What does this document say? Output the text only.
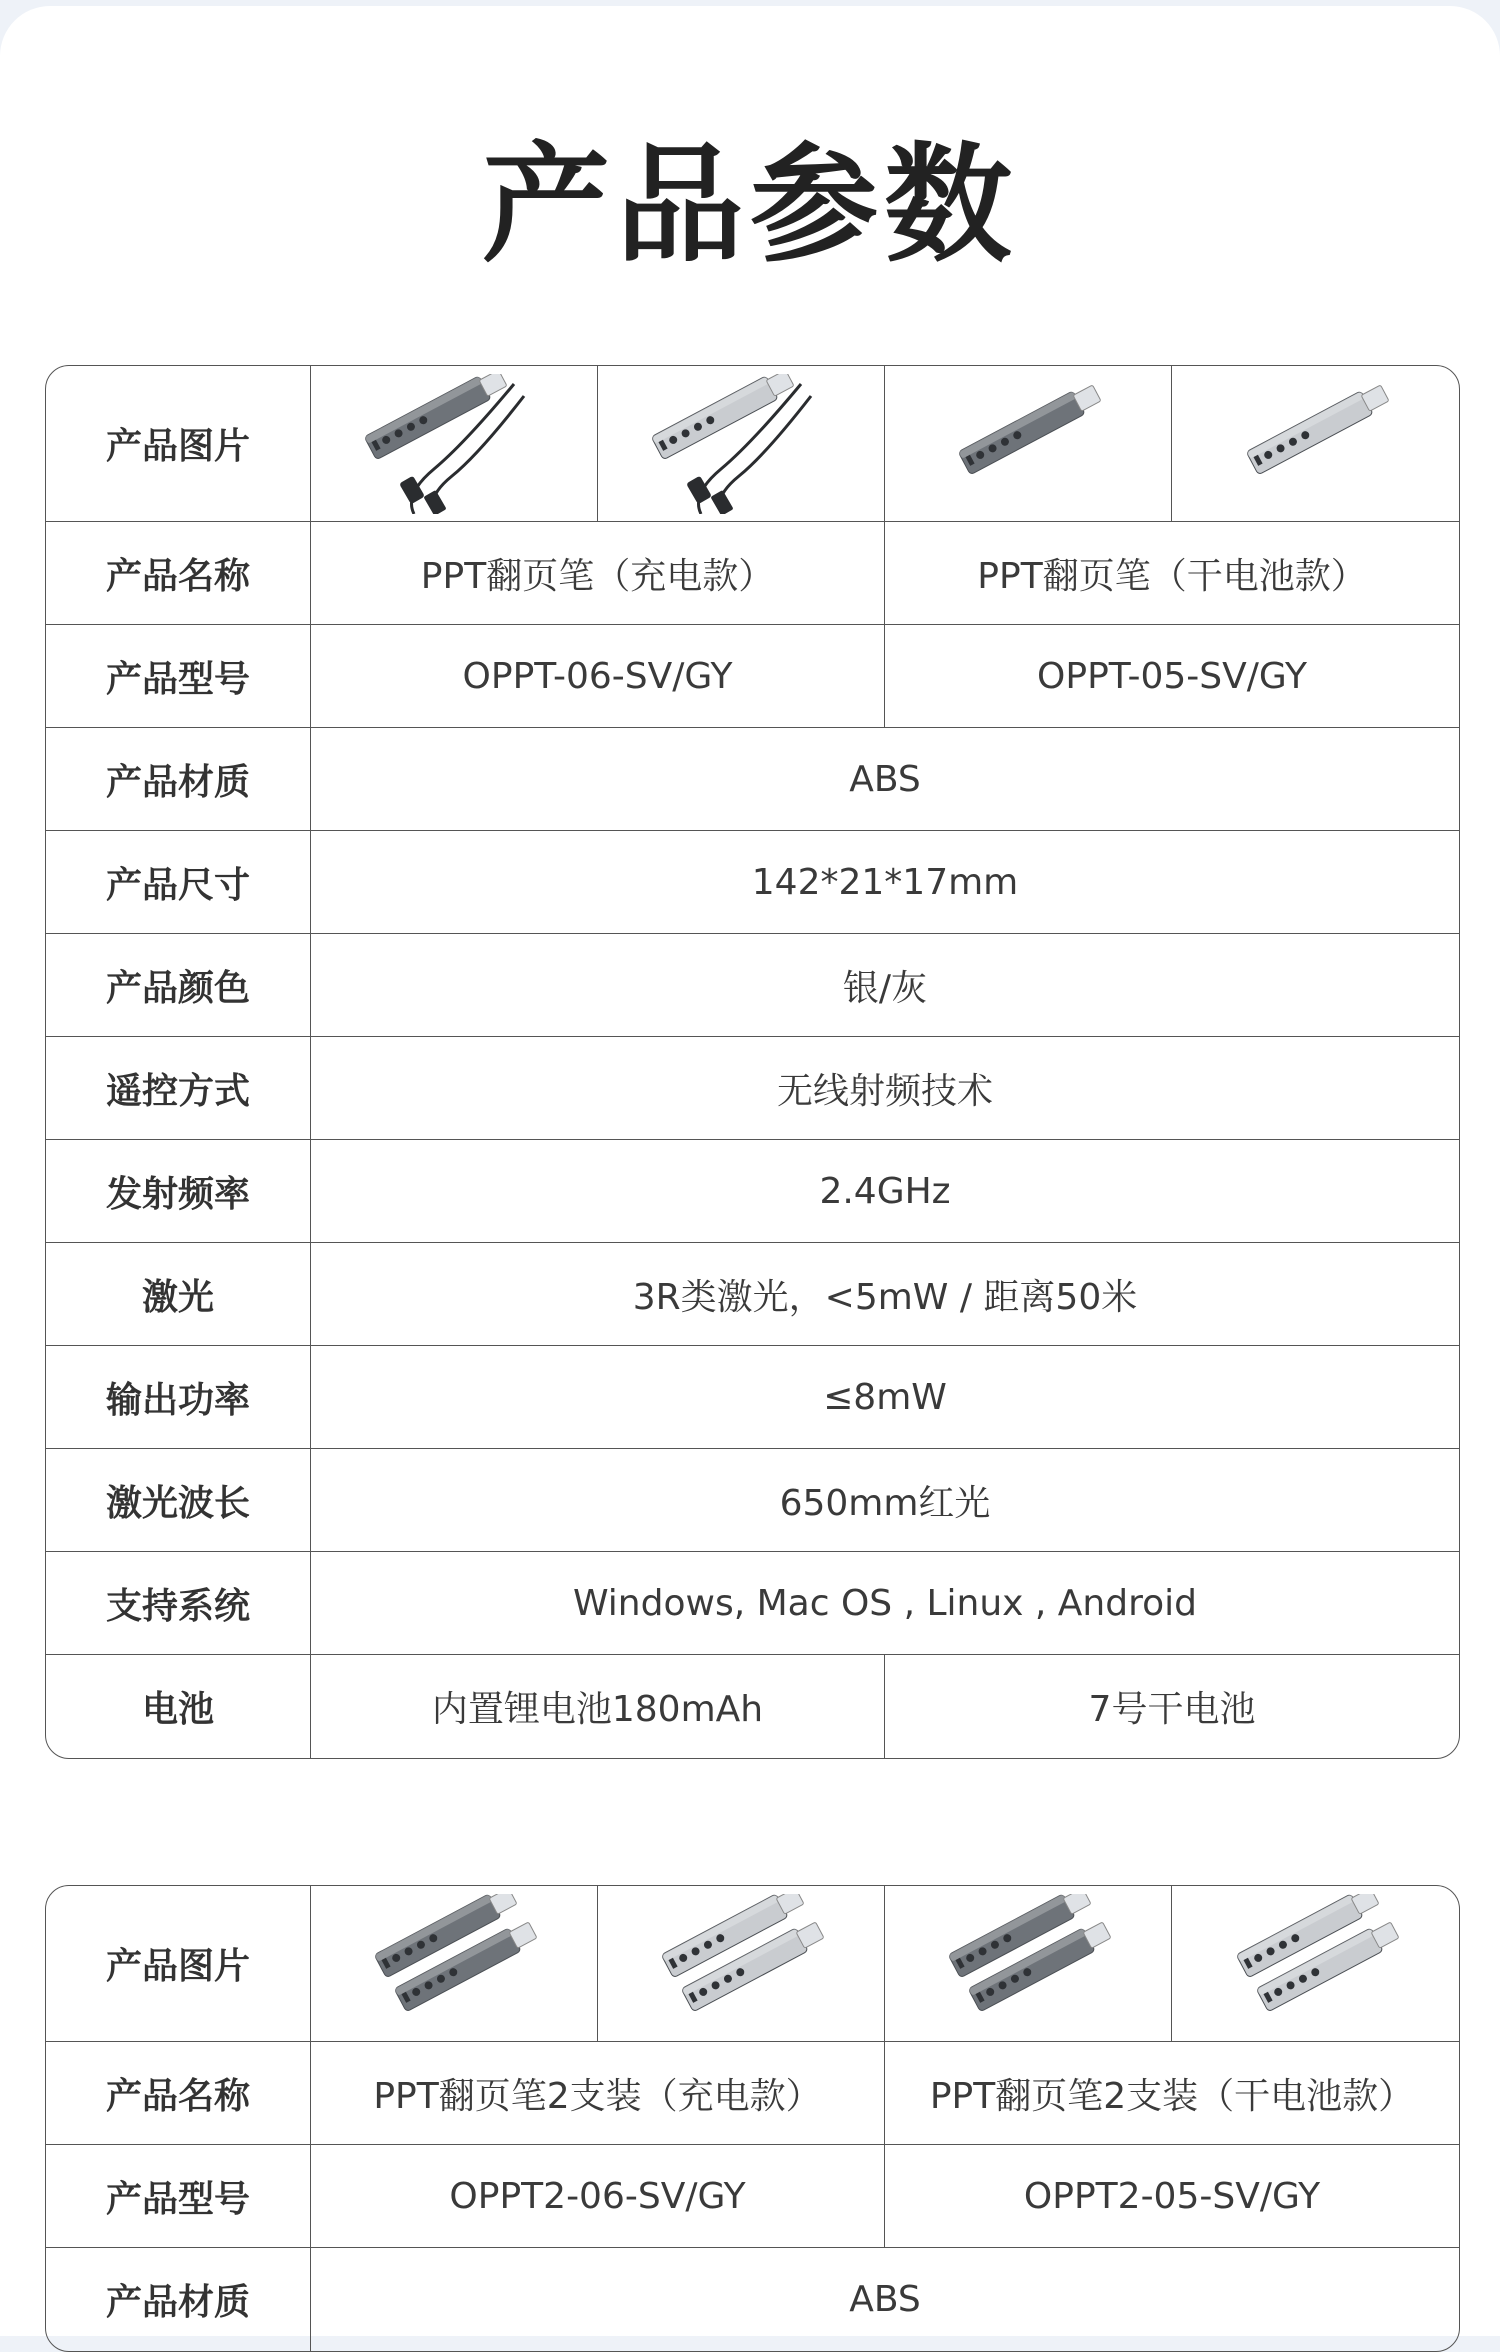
产品参数
产品图片	

产品名称	PPT翻页笔（充电款）		PPT翻页笔（干电池款）	
产品型号	OPPT-06-SV/GY		OPPT-05-SV/GY	
产品材质	ABS			
产品尺寸	142*21*17mm			
产品颜色	银/灰			
遥控方式	无线射频技术			
发射频率	2.4GHz			
激光	3R类激光，<5mW / 距离50米			
输出功率	≤8mW			
激光波长	650mm红光			
支持系统	Windows, Mac OS , Linux , Android			
电池	内置锂电池180mAh		7号干电池	
产品图片	

产品名称	PPT翻页笔2支装（充电款）		PPT翻页笔2支装（干电池款）	
产品型号	OPPT2-06-SV/GY		OPPT2-05-SV/GY	
产品材质	ABS			
